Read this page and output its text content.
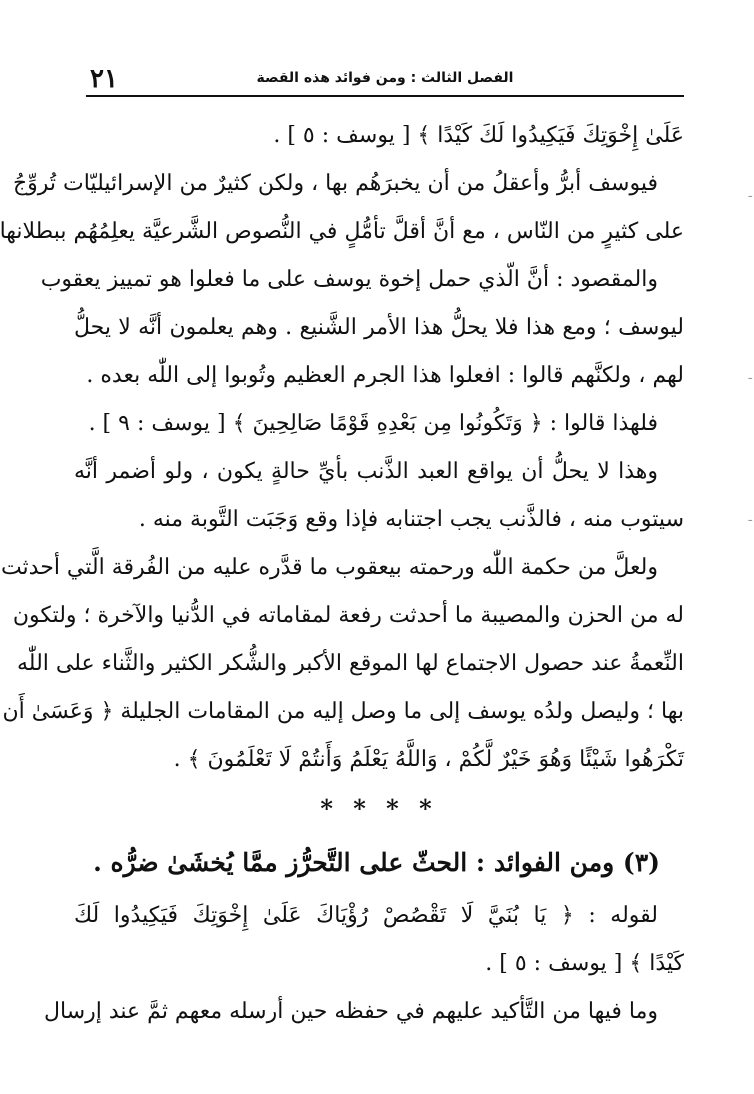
٢١	الفصل الثالث : ومن فوائد هذه القصة
عَلَىٰ إِخْوَتِكَ فَيَكِيدُوا لَكَ كَيْدًا ﴾ [ يوسف : ٥ ] .
فيوسف أبرُّ وأعقلُ من أن يخبرَهُم بها ، ولكن كثيرٌ من الإسرائيليّات تُروِّجُ
على كثيرٍ من النّاس ، مع أنَّ أقلَّ تأمُّلٍ في النُّصوص الشَّرعيَّة يعلِمُهُم ببطلانها
والمقصود : أنَّ الّذي حمل إخوة يوسف على ما فعلوا هو تمييز يعقوب
ليوسف ؛ ومع هذا فلا يحلُّ هذا الأمر الشَّنيع . وهم يعلمون أنَّه لا يحلُّ
لهم ، ولكنَّهم قالوا : افعلوا هذا الجرم العظيم وتُوبوا إلى اللّٰه بعده .
فلهذا قالوا : ﴿ وَتَكُونُوا مِن بَعْدِهِ قَوْمًا صَالِحِينَ ﴾ [ يوسف : ٩ ] .
وهذا لا يحلُّ أن يواقع العبد الذَّنب بأيِّ حالةٍ يكون ، ولو أضمر أنَّه
سيتوب منه ، فالذَّنب يجب اجتنابه فإذا وقع وَجَبَت التَّوبة منه .
ولعلَّ من حكمة اللّٰه ورحمته بيعقوب ما قدَّره عليه من الفُرقة الَّتي أحدثت
له من الحزن والمصيبة ما أحدثت رفعة لمقاماته في الدُّنيا والآخرة ؛ ولتكون
النِّعمةُ عند حصول الاجتماع لها الموقع الأكبر والشُّكر الكثير والثَّناء على اللّٰه
بها ؛ وليصل ولدُه يوسف إلى ما وصل إليه من المقامات الجليلة ﴿ وَعَسَىٰ أَن
تَكْرَهُوا شَيْئًا وَهُوَ خَيْرٌ لَّكُمْ ، وَاللَّهُ يَعْلَمُ وَأَنتُمْ لَا تَعْلَمُونَ ﴾ .
* * * *
(٣) ومن الفوائد : الحثّ على التَّحرُّز ممَّا يُخشَىٰ ضرُّه .
لقوله : ﴿ يَا بُنَيَّ لَا تَقْصُصْ رُؤْيَاكَ عَلَىٰ إِخْوَتِكَ فَيَكِيدُوا لَكَ
كَيْدًا ﴾ [ يوسف : ٥ ] .
وما فيها من التَّأكيد عليهم في حفظه حين أرسله معهم ثمَّ عند إرسال
ـ
ـ
ـ
